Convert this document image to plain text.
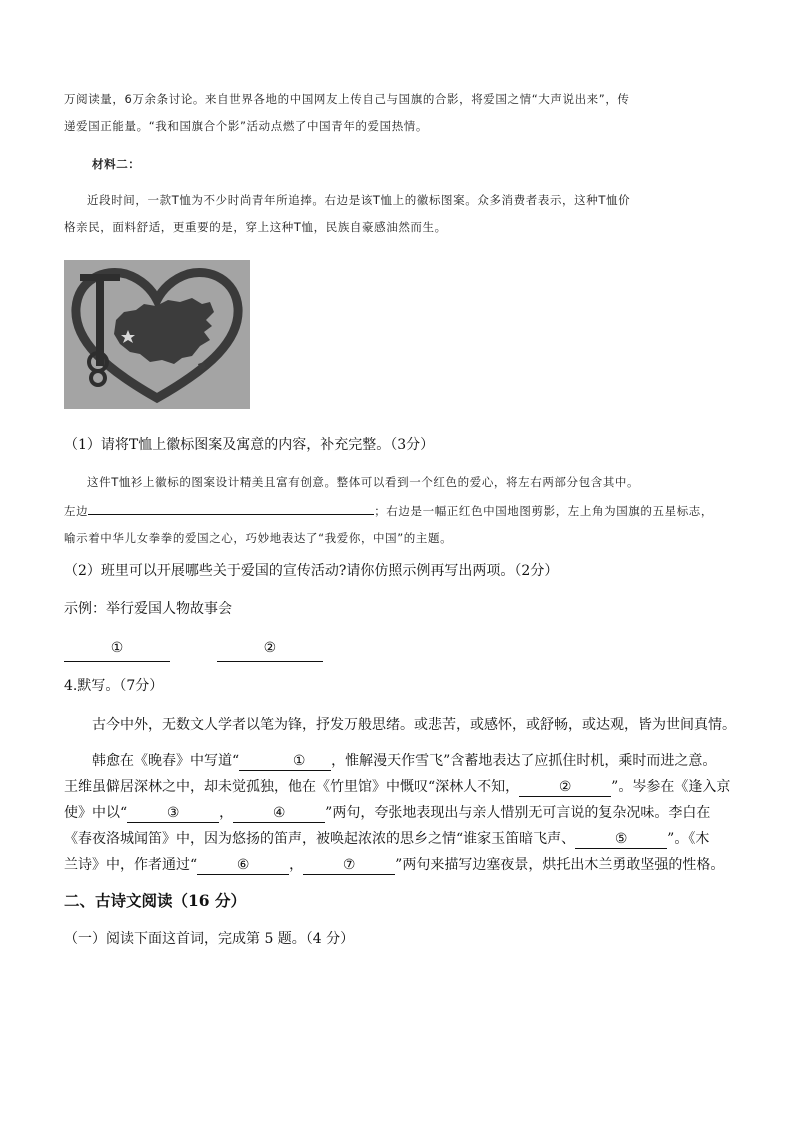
万阅读量，6万余条讨论。来自世界各地的中国网友上传自己与国旗的合影，将爱国之情“大声说出来”，传
递爱国正能量。“我和国旗合个影”活动点燃了中国青年的爱国热情。
材料二：
近段时间，一款T恤为不少时尚青年所追捧。右边是该T恤上的徽标图案。众多消费者表示，这种T恤价
格亲民，面料舒适，更重要的是，穿上这种T恤，民族自豪感油然而生。
（1）请将T恤上徽标图案及寓意的内容，补充完整。（3分）
这件T恤衫上徽标的图案设计精美且富有创意。整体可以看到一个红色的爱心，将左右两部分包含其中。
左边	；右边是一幅正红色中国地图剪影，左上角为国旗的五星标志，
喻示着中华儿女拳拳的爱国之心，巧妙地表达了“我爱你，中国”的主题。
（2）班里可以开展哪些关于爱国的宣传活动?请你仿照示例再写出两项。（2分）
示例：举行爱国人物故事会
①	②
4.默写。（7分）
古今中外，无数文人学者以笔为锋，抒发万般思绪。或悲苦，或感怀，或舒畅，或达观，皆为世间真情。
韩愈在《晚春》中写道“	① ，惟解漫天作雪飞”含蓄地表达了应抓住时机，乘时而进之意。
王维虽僻居深林之中，却未觉孤独，他在《竹里馆》中慨叹“深林人不知，	②	”。岑参在《逢入京
使》中以“	③	，	④	”两句，夸张地表现出与亲人惜别无可言说的复杂况味。李白在
《春夜洛城闻笛》中，因为悠扬的笛声，被唤起浓浓的思乡之情“谁家玉笛暗飞声、	⑤	”。《木
兰诗》中，作者通过“	⑥	，	⑦	”两句来描写边塞夜景，烘托出木兰勇敢坚强的性格。
二、古诗文阅读（16 分）
（一）阅读下面这首词，完成第 5 题。（4 分）
